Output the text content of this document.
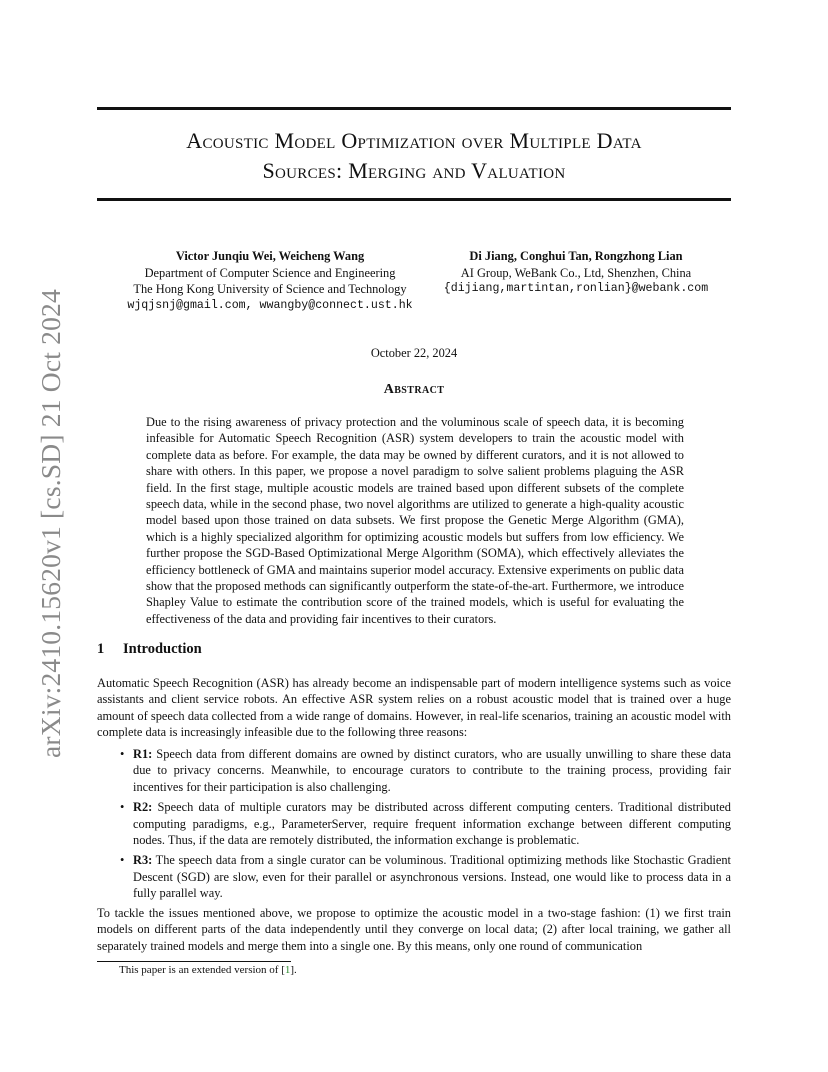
arXiv:2410.15620v1 [cs.SD] 21 Oct 2024
Acoustic Model Optimization over Multiple Data
Sources: Merging and Valuation
Victor Junqiu Wei, Weicheng Wang
Department of Computer Science and Engineering
The Hong Kong University of Science and Technology
wjqjsnj@gmail.com, wwangby@connect.ust.hk
Di Jiang, Conghui Tan, Rongzhong Lian
AI Group, WeBank Co., Ltd, Shenzhen, China
{dijiang,martintan,ronlian}@webank.com
October 22, 2024
Abstract
Due to the rising awareness of privacy protection and the voluminous scale of speech data, it is becoming infeasible for Automatic Speech Recognition (ASR) system developers to train the acoustic model with complete data as before. For example, the data may be owned by different curators, and it is not allowed to share with others. In this paper, we propose a novel paradigm to solve salient problems plaguing the ASR field. In the first stage, multiple acoustic models are trained based upon different subsets of the complete speech data, while in the second phase, two novel algorithms are utilized to generate a high-quality acoustic model based upon those trained on data subsets. We first propose the Genetic Merge Algorithm (GMA), which is a highly specialized algorithm for optimizing acoustic models but suffers from low efficiency. We further propose the SGD-Based Optimizational Merge Algorithm (SOMA), which effectively alleviates the efficiency bottleneck of GMA and maintains superior model accuracy. Extensive experiments on public data show that the proposed methods can significantly outperform the state-of-the-art. Furthermore, we introduce Shapley Value to estimate the contribution score of the trained models, which is useful for evaluating the effectiveness of the data and providing fair incentives to their curators.
1 Introduction
Automatic Speech Recognition (ASR) has already become an indispensable part of modern intelligence systems such as voice assistants and client service robots. An effective ASR system relies on a robust acoustic model that is trained over a huge amount of speech data collected from a wide range of domains. However, in real-life scenarios, training an acoustic model with complete data is increasingly infeasible due to the following three reasons:
• R1: Speech data from different domains are owned by distinct curators, who are usually unwilling to share these data due to privacy concerns. Meanwhile, to encourage curators to contribute to the training process, providing fair incentives for their participation is also challenging.
• R2: Speech data of multiple curators may be distributed across different computing centers. Traditional distributed computing paradigms, e.g., ParameterServer, require frequent information exchange between different computing nodes. Thus, if the data are remotely distributed, the information exchange is problematic.
• R3: The speech data from a single curator can be voluminous. Traditional optimizing methods like Stochastic Gradient Descent (SGD) are slow, even for their parallel or asynchronous versions. Instead, one would like to process data in a fully parallel way.
To tackle the issues mentioned above, we propose to optimize the acoustic model in a two-stage fashion: (1) we first train models on different parts of the data independently until they converge on local data; (2) after local training, we gather all separately trained models and merge them into a single one. By this means, only one round of communication
This paper is an extended version of [1].
